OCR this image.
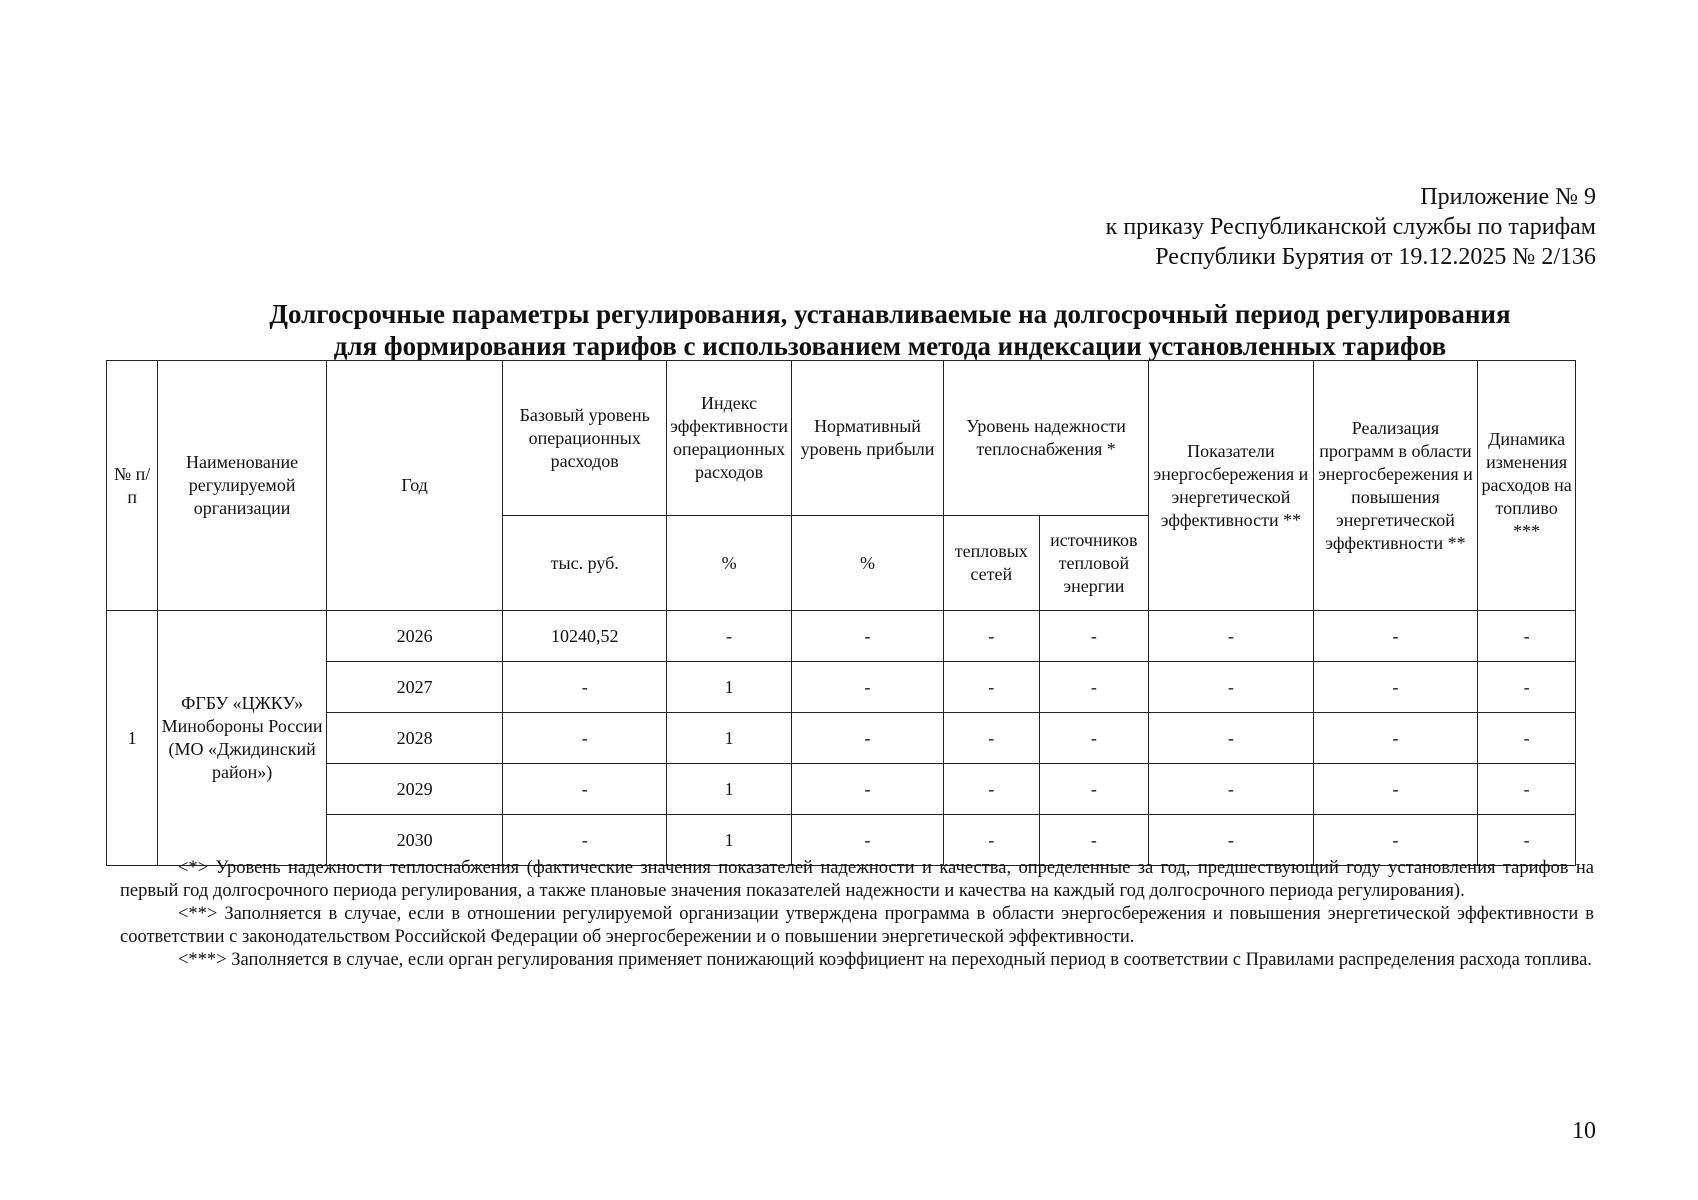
Приложение № 9
к приказу Республиканской службы по тарифам
Республики Бурятия от 19.12.2025 № 2/136
Долгосрочные параметры регулирования, устанавливаемые на долгосрочный период регулирования
для формирования тарифов с использованием метода индексации установленных тарифов
№ п/п	Наименование регулируемой организации	Год	Базовый уровень операционных расходов	Индекс эффективности операционных расходов	Нормативный уровень прибыли	Уровень надежности теплоснабжения *		Показатели энергосбережения и энергетической эффективности **	Реализация программ в области энергосбережения и повышения энергетической эффективности **	Динамика изменения расходов на топливо ***
			тыс. руб.	%	%	тепловых сетей	источников тепловой энергии			
1	ФГБУ «ЦЖКУ» Минобороны России (МО «Джидинский район»)	2026	10240,52	-	-	-	-	-	-	-
		2027	-	1	-	-	-	-	-	-
		2028	-	1	-	-	-	-	-	-
		2029	-	1	-	-	-	-	-	-
		2030	-	1	-	-	-	-	-	-

<*> Уровень надежности теплоснабжения (фактические значения показателей надежности и качества, определенные за год, предшествующий году установления тарифов на первый год долгосрочного периода регулирования, а также плановые значения показателей надежности и качества на каждый год долгосрочного периода регулирования).

<**> Заполняется в случае, если в отношении регулируемой организации утверждена программа в области энергосбережения и повышения энергетической эффективности в соответствии с законодательством Российской Федерации об энергосбережении и о повышении энергетической эффективности.

<***> Заполняется в случае, если орган регулирования применяет понижающий коэффициент на переходный период в соответствии с Правилами распределения расхода топлива.

10
